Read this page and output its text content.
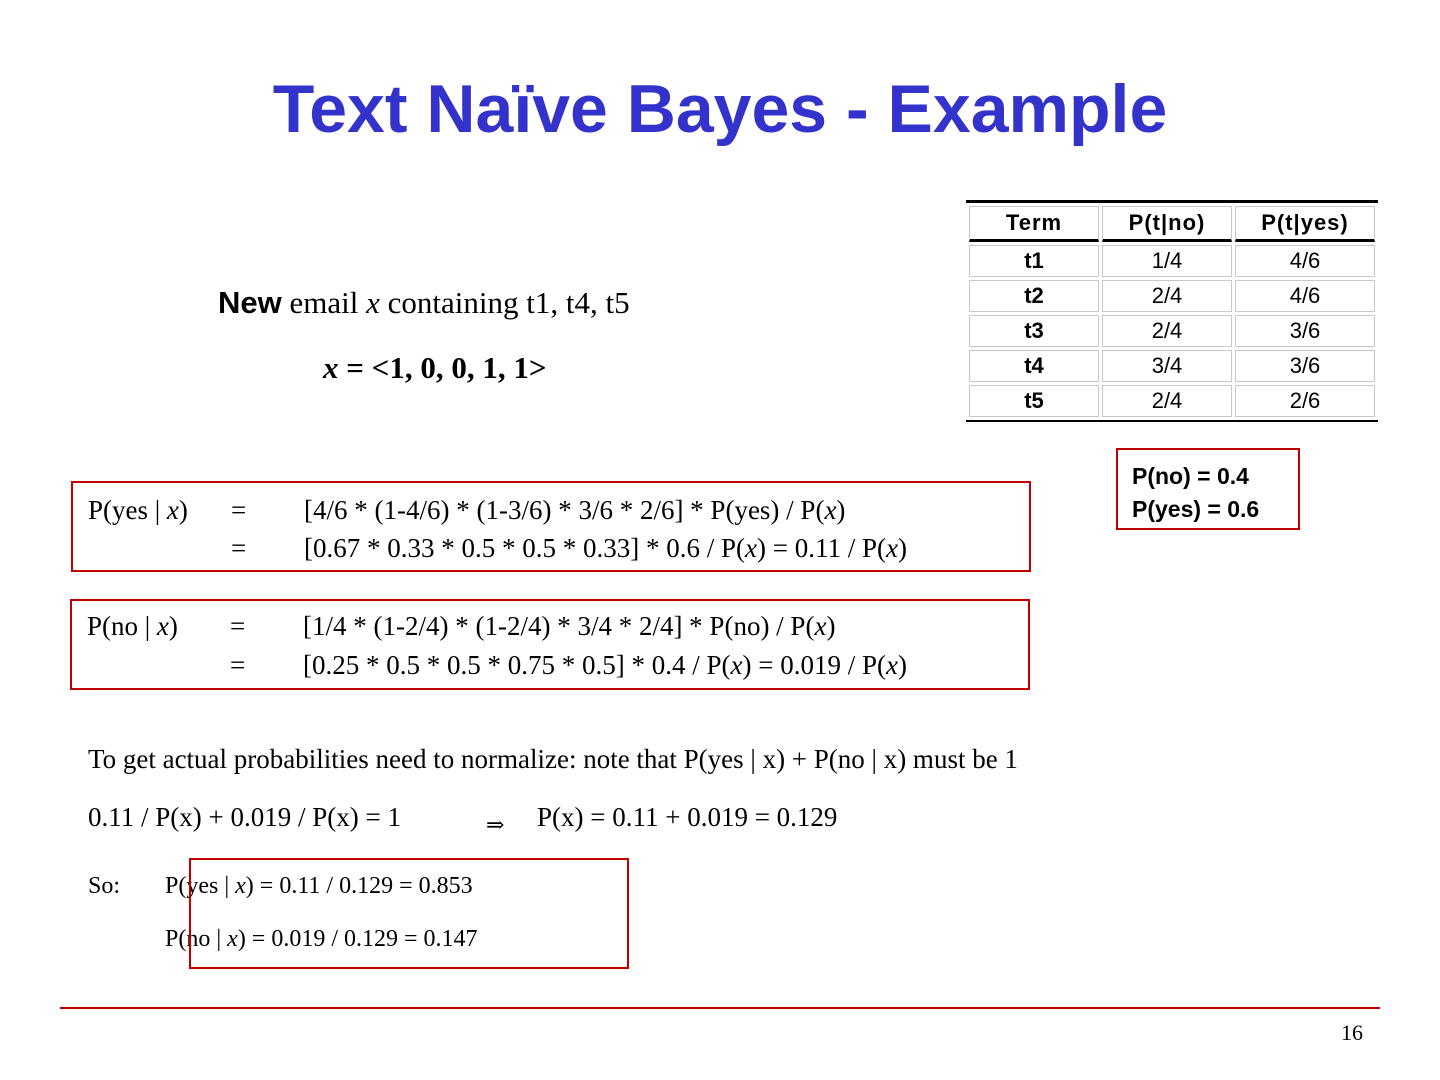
Text Naïve Bayes - Example
Term	P(t|no)	P(t|yes)
t1	1/4	4/6
t2	2/4	4/6
t3	2/4	3/6
t4	3/4	3/6
t5	2/4	2/6
P(no) = 0.4
P(yes) = 0.6
New email x containing t1, t4, t5
x = <1, 0, 0, 1, 1>
P(yes | x) = [4/6 * (1-4/6) * (1-3/6) * 3/6 * 2/6] * P(yes) / P(x)
= [0.67 * 0.33 * 0.5 * 0.5 * 0.33] * 0.6 / P(x) = 0.11 / P(x)
P(no | x) = [1/4 * (1-2/4) * (1-2/4) * 3/4 * 2/4] * P(no) / P(x)
= [0.25 * 0.5 * 0.5 * 0.75 * 0.5] * 0.4 / P(x) = 0.019 / P(x)
To get actual probabilities need to normalize: note that P(yes | x) + P(no | x) must be 1
0.11 / P(x) + 0.019 / P(x) = 1	⇒ P(x) = 0.11 + 0.019 = 0.129
So: P(yes | x) = 0.11 / 0.129 = 0.853
P(no | x) = 0.019 / 0.129 = 0.147
16
